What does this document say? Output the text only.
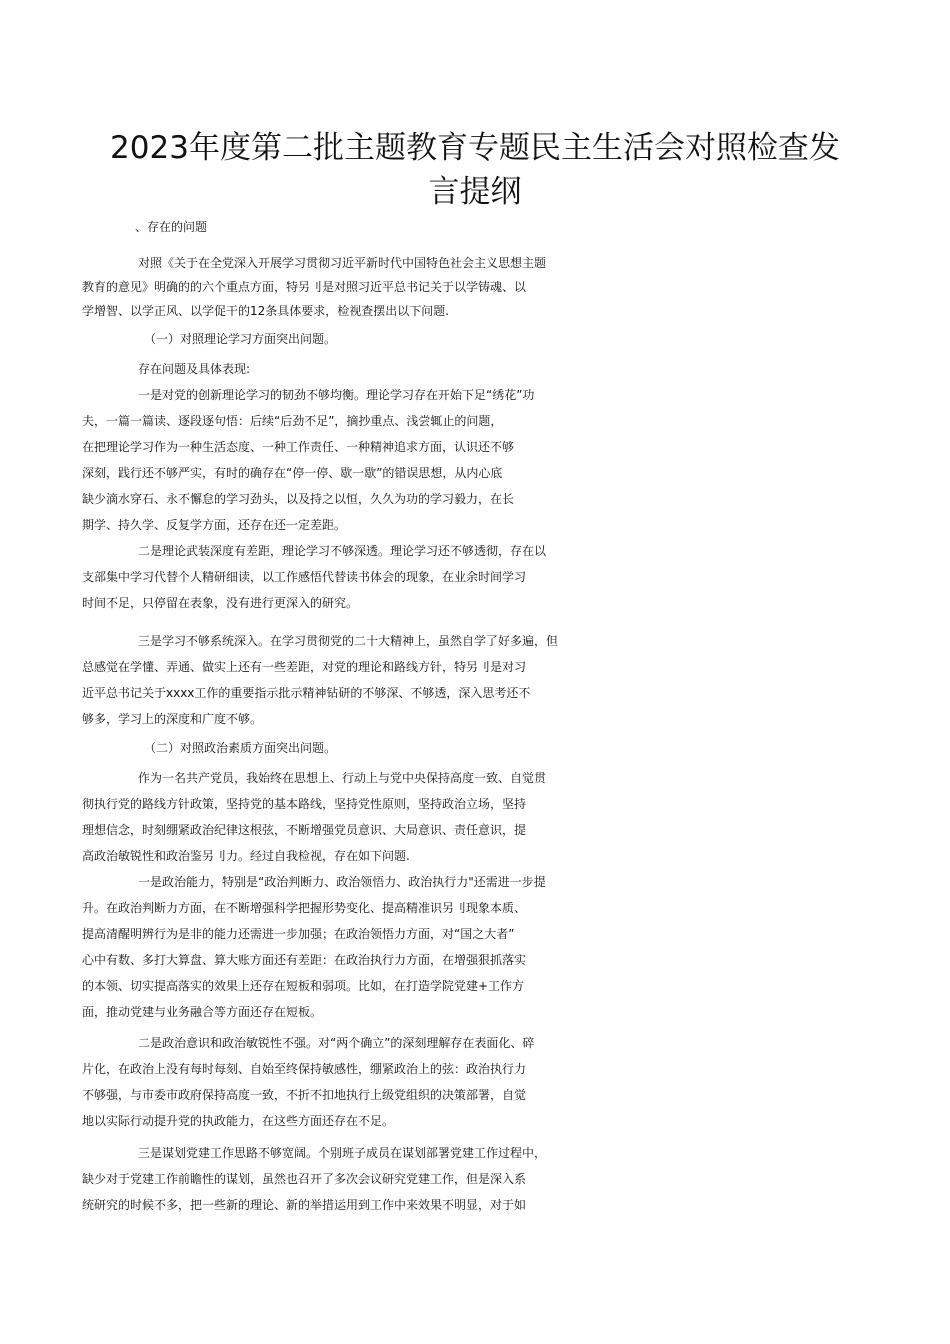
2023年度第二批主题教育专题民主生活会对照检查发
言提纲
、存在的问题
对照《关于在全党深入开展学习贯彻习近平新时代中国特色社会主义思想主题
教育的意见》明确的的六个重点方面，特另刂是对照习近平总书记关于以学铸魂、以
学增智、以学正风、以学促干的12条具体要求，检视查摆出以下问题.
（一）对照理论学习方面突出问题。
存在问题及具体表现:
一是对党的创新理论学习的韧劲不够均衡。理论学习存在开始下足“绣花”功
夫，一篇一篇读、逐段逐句悟：后续“后劲不足”，摘抄重点、浅尝辄止的问题，
在把理论学习作为一种生活态度、一种工作责任、一种精神追求方面，认识还不够
深刻，践行还不够严实，有时的确存在“停一停、歇一歇”的错误思想，从内心底
缺少滴水穿石、永不懈怠的学习劲头，以及持之以恒，久久为功的学习毅力，在长
期学、持久学、反复学方面，还存在还一定差距。
二是理论武装深度有差距，理论学习不够深透。理论学习还不够透彻，存在以
支部集中学习代替个人精研细读，以工作感悟代替读书体会的现象，在业余时间学习
时间不足，只停留在表象，没有进行更深入的研究。
三是学习不够系统深入。在学习贯彻党的二十大精神上，虽然自学了好多遍，但
总感觉在学懂、弄通、做实上还有一些差距，对党的理论和路线方针，特另刂是对习
近平总书记关于xxxx工作的重要指示批示精神钻研的不够深、不够透，深入思考还不
够多，学习上的深度和广度不够。
（二）对照政治素质方面突出问题。
作为一名共产党员，我始终在思想上、行动上与党中央保持高度一致、自觉贯
彻执行党的路线方针政策，坚持党的基本路线，坚持党性原则，坚持政治立场，坚持
理想信念，时刻绷紧政治纪律这根弦，不断增强党员意识、大局意识、责任意识，提
高政治敏锐性和政治鉴另刂力。经过自我检视，存在如下问题.
一是政治能力，特别是“政治判断力、政治领悟力、政治执行力"还需进一步提
升。在政治判断力方面，在不断增强科学把握形势变化、提高精准识另刂现象本质、
提高清醒明辨行为是非的能力还需进一步加强；在政治领悟力方面，对“国之大者”
心中有数、多打大算盘、算大账方面还有差距：在政治执行力方面，在增强狠抓落实
的本领、切实提高落实的效果上还存在短板和弱项。比如，在打造学院党建+工作方
面，推动党建与业务融合等方面还存在短板。
二是政治意识和政治敏锐性不强。对“两个确立”的深刻理解存在表面化、碎
片化，在政治上没有每时每刻、自始至终保持敏感性，绷紧政治上的弦：政治执行力
不够强，与市委市政府保持高度一致，不折不扣地执行上级党组织的决策部署，自觉
地以实际行动提升党的执政能力，在这些方面还存在不足。
三是谋划党建工作思路不够宽阔。个别班子成员在谋划部署党建工作过程中，
缺少对于党建工作前瞻性的谋划，虽然也召开了多次会议研究党建工作，但是深入系
统研究的时候不多，把一些新的理论、新的举措运用到工作中来效果不明显，对于如
